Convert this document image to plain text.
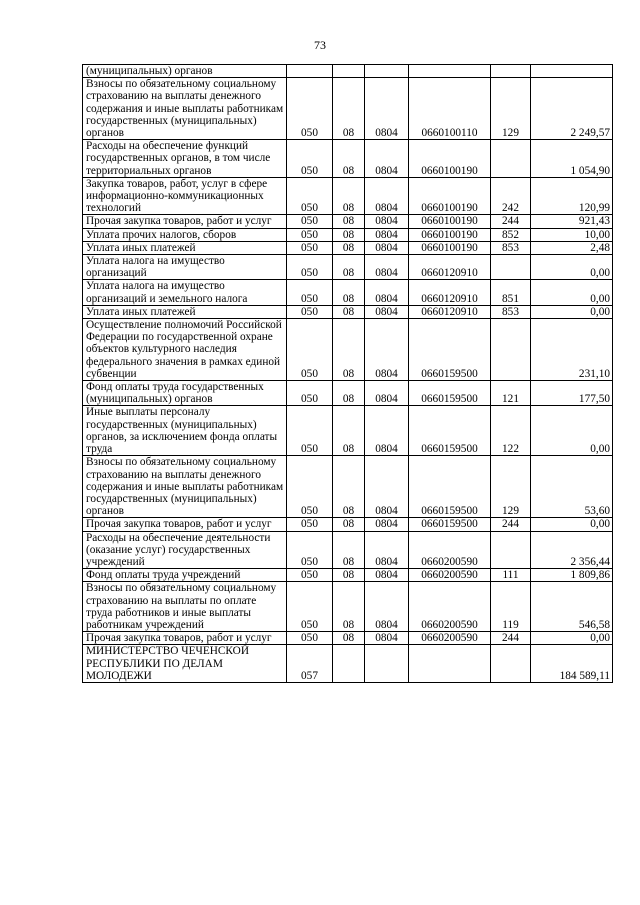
73
(муниципальных) органов						
Взносы по обязательному социальному страхованию на выплаты денежного содержания и иные выплаты работникам государственных (муниципальных) органов	050	08	0804	0660100110	129	2 249,57
Расходы на обеспечение функций государственных органов, в том числе территориальных органов	050	08	0804	0660100190		1 054,90
Закупка товаров, работ, услуг в сфере информационно-коммуникационных технологий	050	08	0804	0660100190	242	120,99
Прочая закупка товаров, работ и услуг	050	08	0804	0660100190	244	921,43
Уплата прочих налогов, сборов	050	08	0804	0660100190	852	10,00
Уплата иных платежей	050	08	0804	0660100190	853	2,48
Уплата налога на имущество организаций	050	08	0804	0660120910		0,00
Уплата налога на имущество организаций и земельного налога	050	08	0804	0660120910	851	0,00
Уплата иных платежей	050	08	0804	0660120910	853	0,00
Осуществление полномочий Российской Федерации по государственной охране объектов культурного наследия федерального значения в рамках единой субвенции	050	08	0804	0660159500		231,10
Фонд оплаты труда государственных (муниципальных) органов	050	08	0804	0660159500	121	177,50
Иные выплаты персоналу государственных (муниципальных) органов, за исключением фонда оплаты труда	050	08	0804	0660159500	122	0,00
Взносы по обязательному социальному страхованию на выплаты денежного содержания и иные выплаты работникам государственных (муниципальных) органов	050	08	0804	0660159500	129	53,60
Прочая закупка товаров, работ и услуг	050	08	0804	0660159500	244	0,00
Расходы на обеспечение деятельности (оказание услуг) государственных учреждений	050	08	0804	0660200590		2 356,44
Фонд оплаты труда учреждений	050	08	0804	0660200590	111	1 809,86
Взносы по обязательному социальному страхованию на выплаты по оплате труда работников и иные выплаты работникам учреждений	050	08	0804	0660200590	119	546,58
Прочая закупка товаров, работ и услуг	050	08	0804	0660200590	244	0,00
МИНИСТЕРСТВО ЧЕЧЕНСКОЙ РЕСПУБЛИКИ ПО ДЕЛАМ МОЛОДЕЖИ	057					184 589,11
